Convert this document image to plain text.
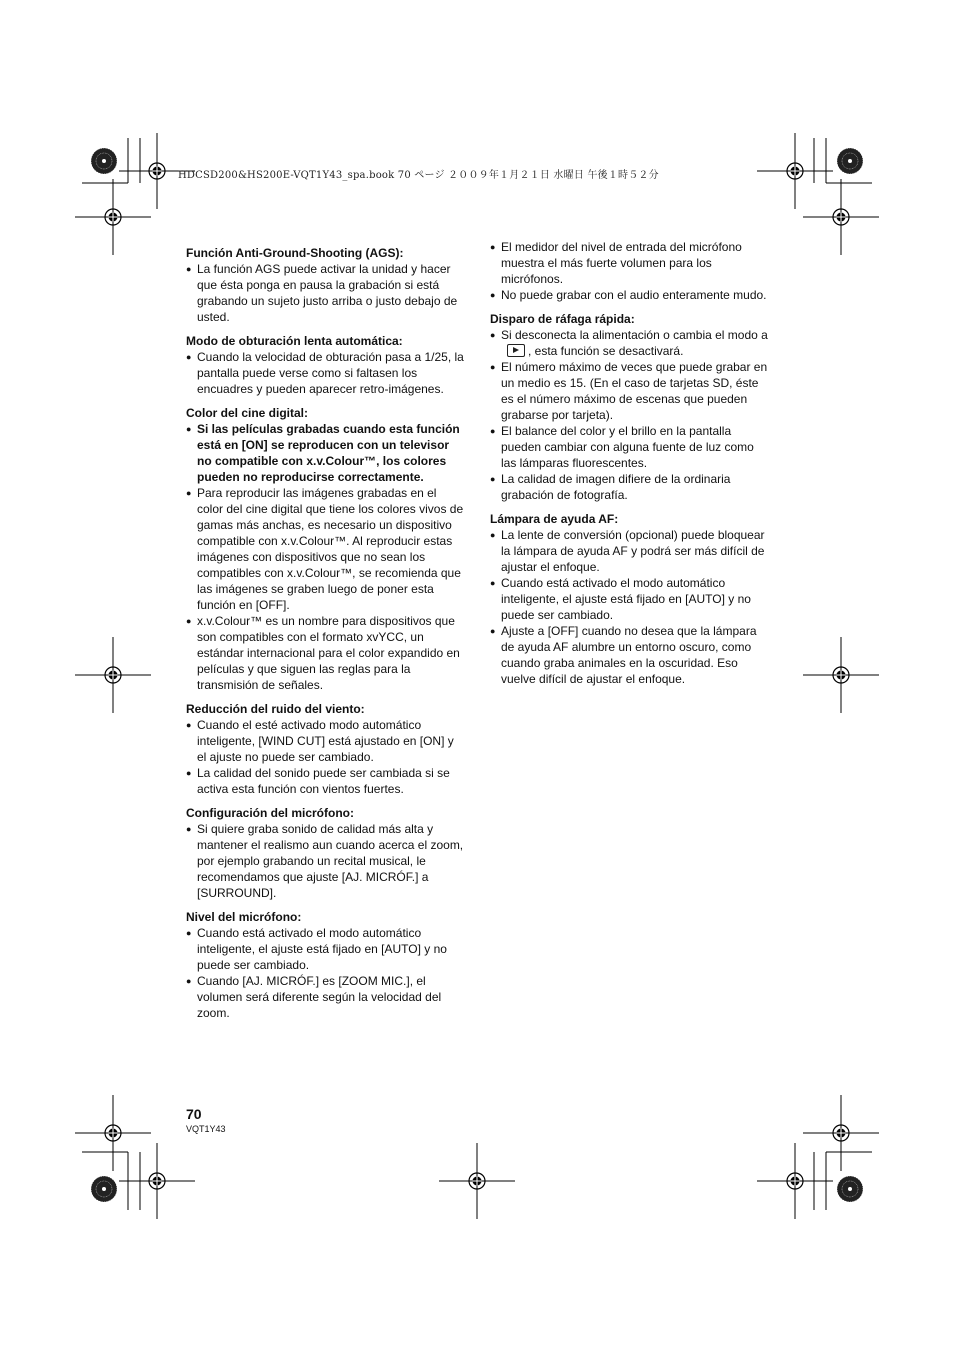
HDCSD200&HS200E-VQT1Y43_spa.book 70 ページ ２００９年１月２１日 水曜日 午後１時５２分
Función Anti-Ground-Shooting (AGS):
● La función AGS puede activar la unidad y hacer que ésta ponga en pausa la grabación si está grabando un sujeto justo arriba o justo debajo de usted.
Modo de obturación lenta automática:
● Cuando la velocidad de obturación pasa a 1/25, la pantalla puede verse como si faltasen los encuadres y pueden aparecer retro-imágenes.
Color del cine digital:
● Si las películas grabadas cuando esta función está en [ON] se reproducen con un televisor no compatible con x.v.Colour™, los colores pueden no reproducirse correctamente.
● Para reproducir las imágenes grabadas en el color del cine digital que tiene los colores vivos de gamas más anchas, es necesario un dispositivo compatible con x.v.Colour™. Al reproducir estas imágenes con dispositivos que no sean los compatibles con x.v.Colour™, se recomienda que las imágenes se graben luego de poner esta función en [OFF].
● x.v.Colour™ es un nombre para dispositivos que son compatibles con el formato xvYCC, un estándar internacional para el color expandido en películas y que siguen las reglas para la transmisión de señales.
Reducción del ruido del viento:
● Cuando el esté activado modo automático inteligente, [WIND CUT] está ajustado en [ON] y el ajuste no puede ser cambiado.
● La calidad del sonido puede ser cambiada si se activa esta función con vientos fuertes.
Configuración del micrófono:
● Si quiere graba sonido de calidad más alta y mantener el realismo aun cuando acerca el zoom, por ejemplo grabando un recital musical, le recomendamos que ajuste [AJ. MICRÓF.] a [SURROUND].
Nivel del micrófono:
● Cuando está activado el modo automático inteligente, el ajuste está fijado en [AUTO] y no puede ser cambiado.
● Cuando [AJ. MICRÓF.] es [ZOOM MIC.], el volumen será diferente según la velocidad del zoom.
● El medidor del nivel de entrada del micrófono muestra el más fuerte volumen para los micrófonos.
● No puede grabar con el audio enteramente mudo.
Disparo de ráfaga rápida:
● Si desconecta la alimentación o cambia el modo a, esta función se desactivará.
● El número máximo de veces que puede grabar en un medio es 15. (En el caso de tarjetas SD, éste es el número máximo de escenas que pueden grabarse por tarjeta).
● El balance del color y el brillo en la pantalla pueden cambiar con alguna fuente de luz como las lámparas fluorescentes.
● La calidad de imagen difiere de la ordinaria grabación de fotografía.
Lámpara de ayuda AF:
● La lente de conversión (opcional) puede bloquear la lámpara de ayuda AF y podrá ser más difícil de ajustar el enfoque.
● Cuando está activado el modo automático inteligente, el ajuste está fijado en [AUTO] y no puede ser cambiado.
● Ajuste a [OFF] cuando no desea que la lámpara de ayuda AF alumbre un entorno oscuro, como cuando graba animales en la oscuridad. Eso vuelve difícil de ajustar el enfoque.
70
VQT1Y43
